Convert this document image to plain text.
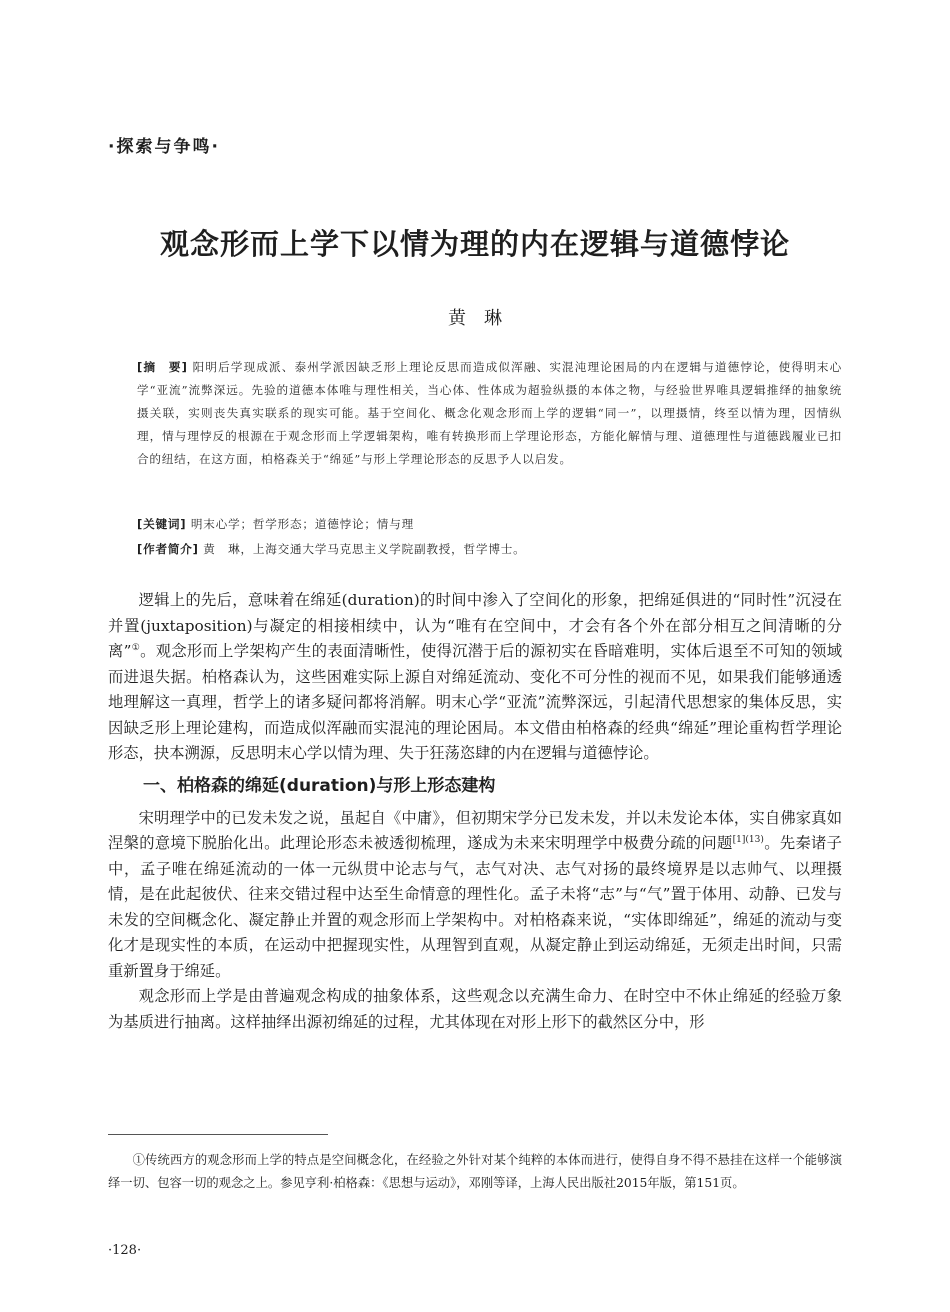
·探索与争鸣·
观念形而上学下以情为理的内在逻辑与道德悖论
黄　琳
[摘　要] 阳明后学现成派、泰州学派因缺乏形上理论反思而造成似浑融、实混沌理论困局的内在逻辑与道德悖论，使得明末心学“亚流”流弊深远。先验的道德本体唯与理性相关，当心体、性体成为超验纵摄的本体之物，与经验世界唯具逻辑推绎的抽象统摄关联，实则丧失真实联系的现实可能。基于空间化、概念化观念形而上学的逻辑“同一”，以理摄情，终至以情为理，因情纵理，情与理悖反的根源在于观念形而上学逻辑架构，唯有转换形而上学理论形态，方能化解情与理、道德理性与道德践履业已扣合的纽结，在这方面，柏格森关于“绵延”与形上学理论形态的反思予人以启发。
[关键词] 明末心学；哲学形态；道德悖论；情与理
[作者简介] 黄　琳，上海交通大学马克思主义学院副教授，哲学博士。

逻辑上的先后，意味着在绵延(duration)的时间中渗入了空间化的形象，把绵延俱进的“同时性”沉浸在并置(juxtaposition)与凝定的相接相续中，认为“唯有在空间中，才会有各个外在部分相互之间清晰的分离”①。观念形而上学架构产生的表面清晰性，使得沉潜于后的源初实在昏暗难明，实体后退至不可知的领域而进退失据。柏格森认为，这些困难实际上源自对绵延流动、变化不可分性的视而不见，如果我们能够通透地理解这一真理，哲学上的诸多疑问都将消解。明末心学“亚流”流弊深远，引起清代思想家的集体反思，实因缺乏形上理论建构，而造成似浑融而实混沌的理论困局。本文借由柏格森的经典“绵延”理论重构哲学理论形态，抉本溯源，反思明末心学以情为理、失于狂荡恣肆的内在逻辑与道德悖论。

一、柏格森的绵延(duration)与形上形态建构

宋明理学中的已发未发之说，虽起自《中庸》，但初期宋学分已发未发，并以未发论本体，实自佛家真如涅槃的意境下脱胎化出。此理论形态未被透彻梳理，遂成为未来宋明理学中极费分疏的问题$^{[1](13)}$。先秦诸子中，孟子唯在绵延流动的一体一元纵贯中论志与气，志气对决、志气对扬的最终境界是以志帅气、以理摄情，是在此起彼伏、往来交错过程中达至生命情意的理性化。孟子未将“志”与“气”置于体用、动静、已发与未发的空间概念化、凝定静止并置的观念形而上学架构中。对柏格森来说，“实体即绵延”，绵延的流动与变化才是现实性的本质，在运动中把握现实性，从理智到直观，从凝定静止到运动绵延，无须走出时间，只需重新置身于绵延。

观念形而上学是由普遍观念构成的抽象体系，这些观念以充满生命力、在时空中不休止绵延的经验万象为基质进行抽离。这样抽绎出源初绵延的过程，尤其体现在对形上形下的截然区分中，形

①传统西方的观念形而上学的特点是空间概念化，在经验之外针对某个纯粹的本体而进行，使得自身不得不悬挂在这样一个能够演绎一切、包容一切的观念之上。参见亨利·柏格森：《思想与运动》，邓刚等译，上海人民出版社2015年版，第151页。
·128·
